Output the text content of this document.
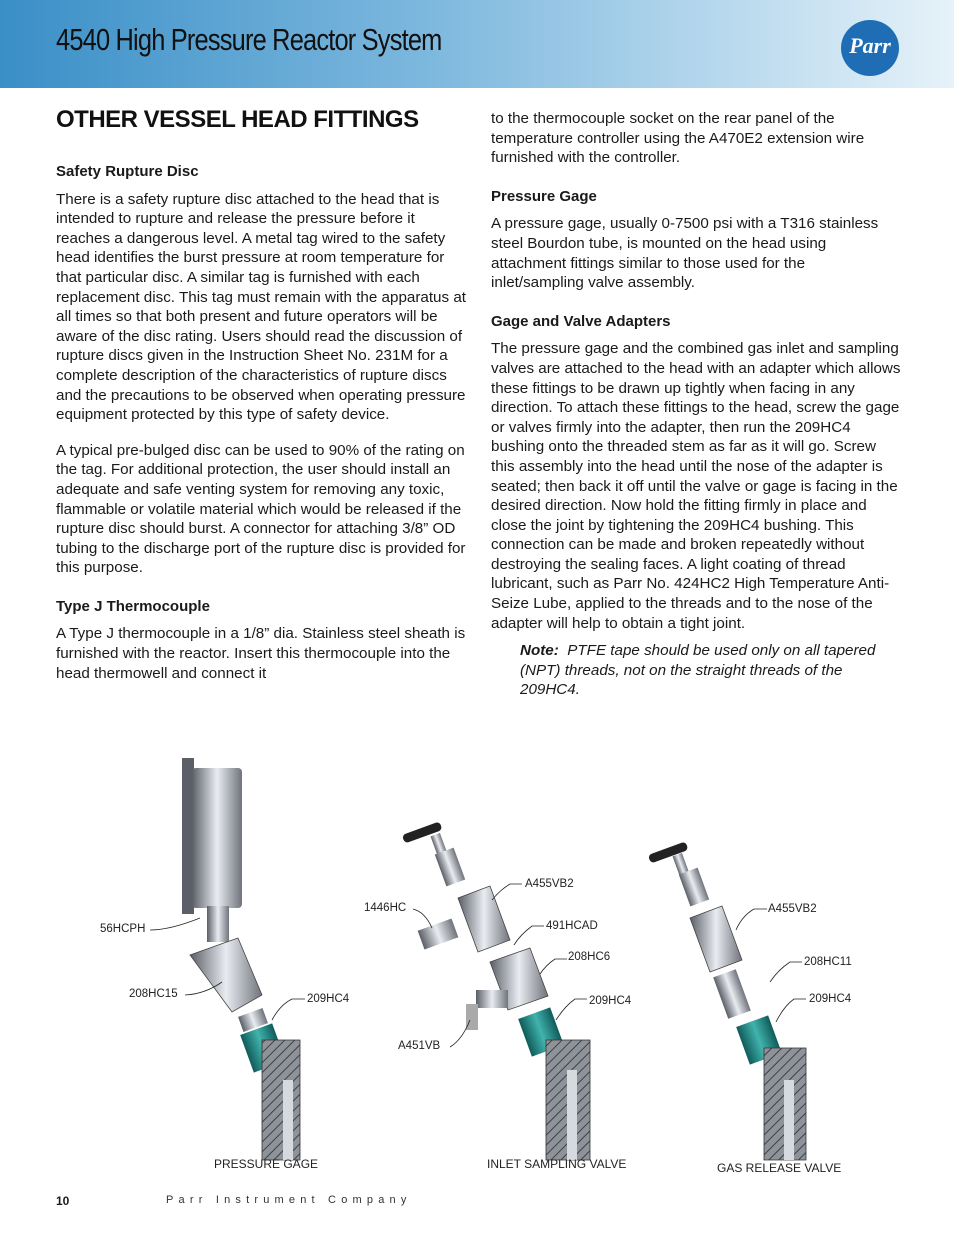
4540 High Pressure Reactor System	Parr
OTHER VESSEL HEAD FITTINGS
Safety Rupture Disc

There is a safety rupture disc attached to the head that is intended to rupture and release the pressure before it reaches a dangerous level. A metal tag wired to the safety head identifies the burst pressure at room temperature for that particular disc. A similar tag is furnished with each replacement disc. This tag must remain with the apparatus at all times so that both present and future operators will be aware of the disc rating. Users should read the discussion of rupture discs given in the Instruction Sheet No. 231M for a complete description of the characteristics of rupture discs and the precautions to be observed when operating pressure equipment protected by this type of safety device.

A typical pre-bulged disc can be used to 90% of the rating on the tag. For additional protection, the user should install an adequate and safe venting system for removing any toxic, flammable or volatile material which would be released if the rupture disc should burst. A connector for attaching 3/8” OD tubing to the discharge port of the rupture disc is provided for this purpose.

Type J Thermocouple

A Type J thermocouple in a 1/8” dia. Stainless steel sheath is furnished with the reactor. Insert this thermocouple into the head thermowell and connect it

to the thermocouple socket on the rear panel of the temperature controller using the A470E2 extension wire furnished with the controller.

Pressure Gage

A pressure gage, usually 0-7500 psi with a T316 stainless steel Bourdon tube, is mounted on the head using attachment fittings similar to those used for the inlet/sampling valve assembly.

Gage and Valve Adapters

The pressure gage and the combined gas inlet and sampling valves are attached to the head with an adapter which allows these fittings to be drawn up tightly when facing in any direction. To attach these fittings to the head, screw the gage or valves firmly into the adapter, then run the 209HC4 bushing onto the threaded stem as far as it will go. Screw this assembly into the head until the nose of the adapter is seated; then back it off until the valve or gage is facing in the desired direction. Now hold the fitting firmly in place and close the joint by tightening the 209HC4 bushing. This connection can be made and broken repeatedly without destroying the sealing faces. A light coating of thread lubricant, such as Parr No. 424HC2 High Temperature Anti-Seize Lube, applied to the threads and to the nose of the adapter will help to obtain a tight joint.

Note: PTFE tape should be used only on all tapered (NPT) threads, not on the straight threads of the 209HC4.

56HCPH
208HC15	209HC4
PRESSURE GAGE
1446HC
A455VB2
491HCAD
208HC6
209HC4
A451VB
INLET SAMPLING VALVE
A455VB2
208HC11
209HC4
GAS RELEASE VALVE
10	Parr Instrument Company
